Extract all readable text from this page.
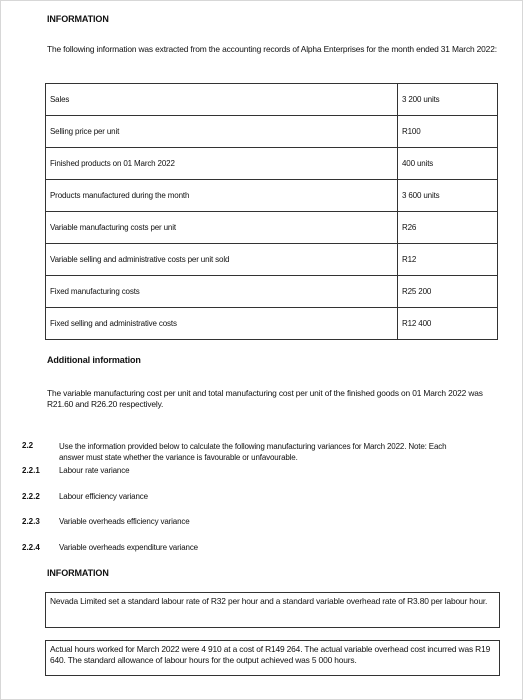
INFORMATION
The following information was extracted from the accounting records of Alpha Enterprises for the month ended 31 March 2022:
Sales	3 200 units
Selling price per unit	R100
Finished products on 01 March 2022	400 units
Products manufactured during the month	3 600 units
Variable manufacturing costs per unit	R26
Variable selling and administrative costs per unit sold	R12
Fixed manufacturing costs	R25 200
Fixed selling and administrative costs	R12 400
Additional information
The variable manufacturing cost per unit and total manufacturing cost per unit of the finished goods on 01 March 2022 was R21.60 and R26.20 respectively.
2.2	Use the information provided below to calculate the following manufacturing variances for March 2022. Note: Each answer must state whether the variance is favourable or unfavourable.
2.2.1 Labour rate variance
2.2.2 Labour efficiency variance
2.2.3 Variable overheads efficiency variance
2.2.4 Variable overheads expenditure variance
INFORMATION
Nevada Limited set a standard labour rate of R32 per hour and a standard variable overhead rate of R3.80 per labour hour.
Actual hours worked for March 2022 were 4 910 at a cost of R149 264. The actual variable overhead cost incurred was R19 640. The standard allowance of labour hours for the output achieved was 5 000 hours.
